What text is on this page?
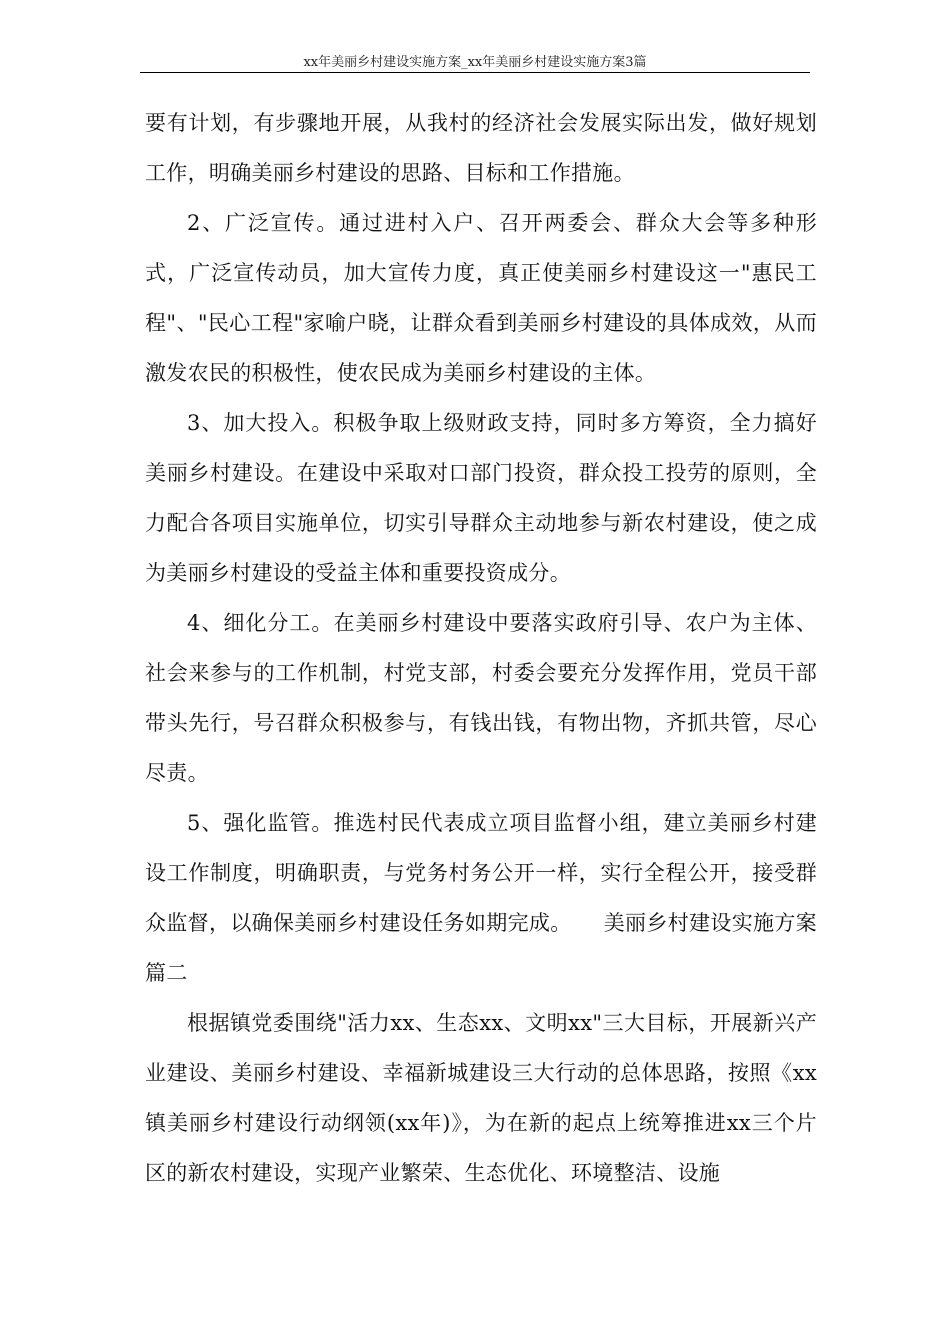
xx年美丽乡村建设实施方案_xx年美丽乡村建设实施方案3篇

要有计划，有步骤地开展，从我村的经济社会发展实际出发，做好规划工作，明确美丽乡村建设的思路、目标和工作措施。

2、广泛宣传。通过进村入户、召开两委会、群众大会等多种形式，广泛宣传动员，加大宣传力度，真正使美丽乡村建设这一"惠民工程"、"民心工程"家喻户晓，让群众看到美丽乡村建设的具体成效，从而激发农民的积极性，使农民成为美丽乡村建设的主体。

3、加大投入。积极争取上级财政支持，同时多方筹资，全力搞好美丽乡村建设。在建设中采取对口部门投资，群众投工投劳的原则，全力配合各项目实施单位，切实引导群众主动地参与新农村建设，使之成为美丽乡村建设的受益主体和重要投资成分。

4、细化分工。在美丽乡村建设中要落实政府引导、农户为主体、社会来参与的工作机制，村党支部，村委会要充分发挥作用，党员干部带头先行，号召群众积极参与，有钱出钱，有物出物，齐抓共管，尽心尽责。

5、强化监管。推选村民代表成立项目监督小组，建立美丽乡村建设工作制度，明确职责，与党务村务公开一样，实行全程公开，接受群众监督，以确保美丽乡村建设任务如期完成。　　美丽乡村建设实施方案篇二

根据镇党委围绕"活力xx、生态xx、文明xx"三大目标，开展新兴产业建设、美丽乡村建设、幸福新城建设三大行动的总体思路，按照《xx镇美丽乡村建设行动纲领(xx年)》，为在新的起点上统筹推进xx三个片区的新农村建设，实现产业繁荣、生态优化、环境整洁、设施
